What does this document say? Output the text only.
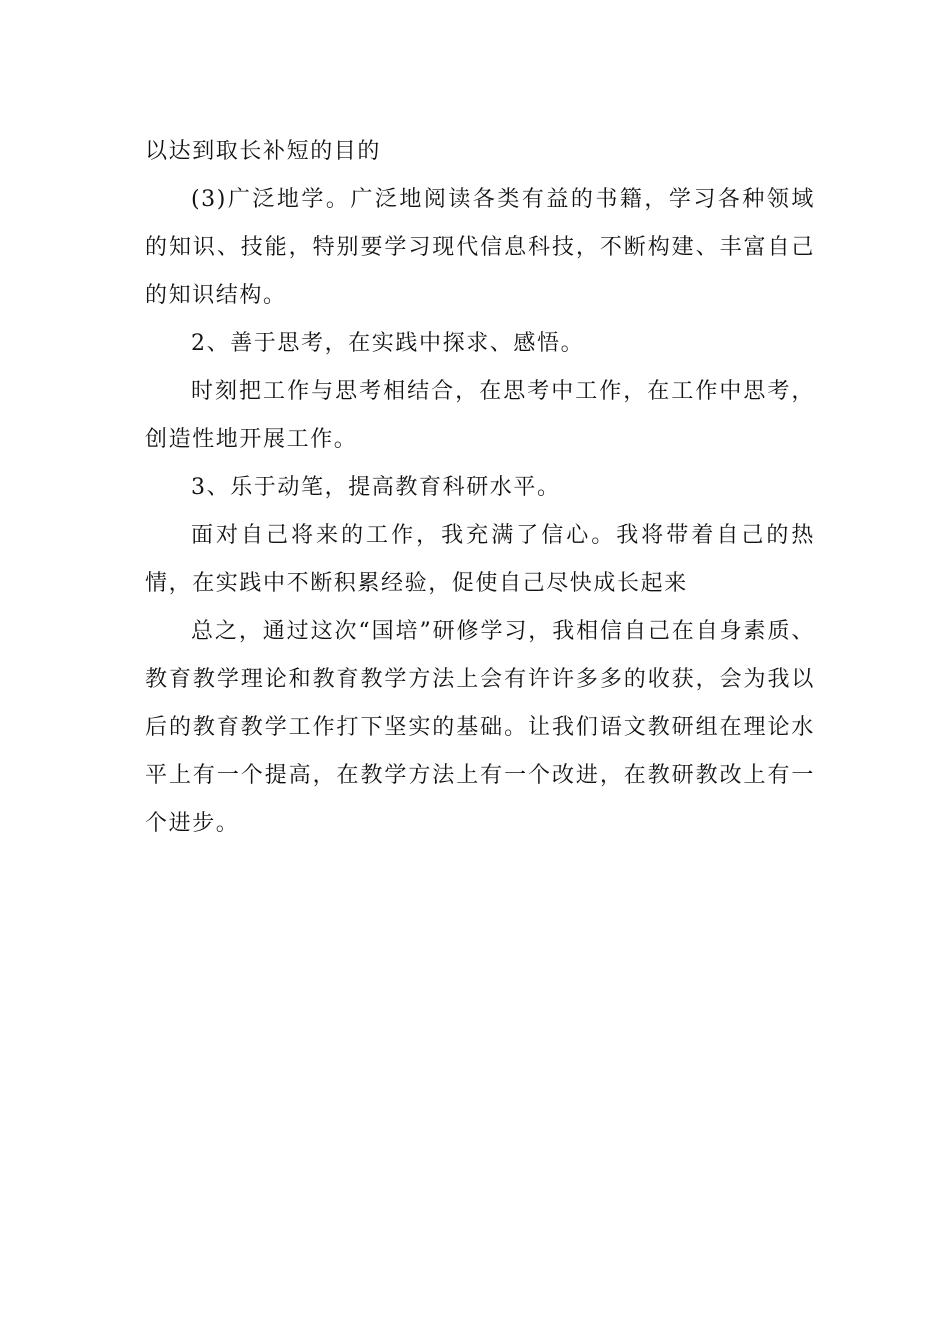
以达到取长补短的目的

(3)广泛地学。广泛地阅读各类有益的书籍，学习各种领域的知识、技能，特别要学习现代信息科技，不断构建、丰富自己的知识结构。

2、善于思考，在实践中探求、感悟。

时刻把工作与思考相结合，在思考中工作，在工作中思考，创造性地开展工作。

3、乐于动笔，提高教育科研水平。

面对自己将来的工作，我充满了信心。我将带着自己的热情，在实践中不断积累经验，促使自己尽快成长起来

总之，通过这次“国培”研修学习，我相信自己在自身素质、教育教学理论和教育教学方法上会有许许多多的收获，会为我以后的教育教学工作打下坚实的基础。让我们语文教研组在理论水平上有一个提高，在教学方法上有一个改进，在教研教改上有一个进步。
